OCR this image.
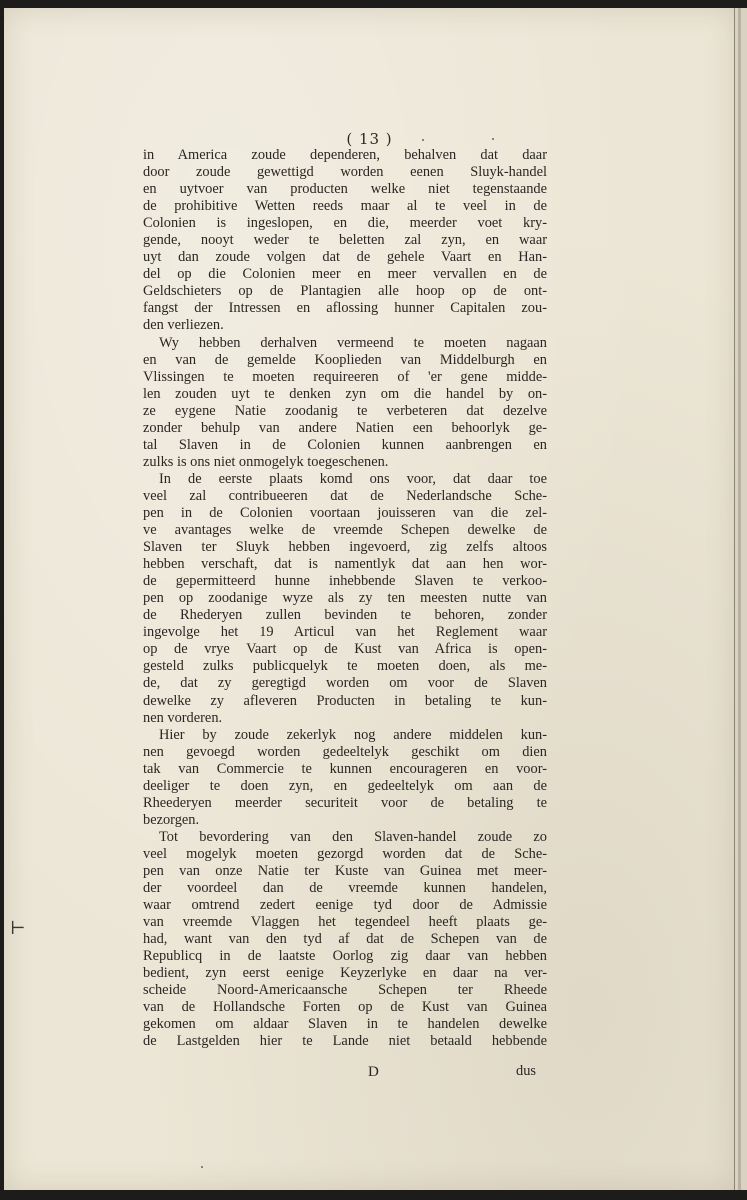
( 13 )
in America zoude dependeren, behalven dat daar
door zoude gewettigd worden eenen Sluyk-handel
en uytvoer van producten welke niet tegenstaande
de prohibitive Wetten reeds maar al te veel in de
Colonien is ingeslopen, en die, meerder voet kry-
gende, nooyt weder te beletten zal zyn, en waar
uyt dan zoude volgen dat de gehele Vaart en Han-
del op die Colonien meer en meer vervallen en de
Geldschieters op de Plantagien alle hoop op de ont-
fangst der Intressen en aflossing hunner Capitalen zou-
den verliezen.
Wy hebben derhalven vermeend te moeten nagaan
en van de gemelde Kooplieden van Middelburgh en
Vlissingen te moeten requireeren of 'er gene midde-
len zouden uyt te denken zyn om die handel by on-
ze eygene Natie zoodanig te verbeteren dat dezelve
zonder behulp van andere Natien een behoorlyk ge-
tal Slaven in de Colonien kunnen aanbrengen en
zulks is ons niet onmogelyk toegeschenen.
In de eerste plaats komd ons voor, dat daar toe
veel zal contribueeren dat de Nederlandsche Sche-
pen in de Colonien voortaan jouisseren van die zel-
ve avantages welke de vreemde Schepen dewelke de
Slaven ter Sluyk hebben ingevoerd, zig zelfs altoos
hebben verschaft, dat is namentlyk dat aan hen wor-
de gepermitteerd hunne inhebbende Slaven te verkoo-
pen op zoodanige wyze als zy ten meesten nutte van
de Rhederyen zullen bevinden te behoren, zonder
ingevolge het 19 Articul van het Reglement waar
op de vrye Vaart op de Kust van Africa is open-
gesteld zulks publicquelyk te moeten doen, als me-
de, dat zy geregtigd worden om voor de Slaven
dewelke zy afleveren Producten in betaling te kun-
nen vorderen.
Hier by zoude zekerlyk nog andere middelen kun-
nen gevoegd worden gedeeltelyk geschikt om dien
tak van Commercie te kunnen encourageren en voor-
deeliger te doen zyn, en gedeeltelyk om aan de
Rheederyen meerder securiteit voor de betaling te
bezorgen.
Tot bevordering van den Slaven-handel zoude zo
veel mogelyk moeten gezorgd worden dat de Sche-
pen van onze Natie ter Kuste van Guinea met meer-
der voordeel dan de vreemde kunnen handelen,
waar omtrend zedert eenige tyd door de Admissie
van vreemde Vlaggen het tegendeel heeft plaats ge-
had, want van den tyd af dat de Schepen van de
Republicq in de laatste Oorlog zig daar van hebben
bedient, zyn eerst eenige Keyzerlyke en daar na ver-
scheide Noord-Americaansche Schepen ter Rheede
van de Hollandsche Forten op de Kust van Guinea
gekomen om aldaar Slaven in te handelen dewelke
de Lastgelden hier te Lande niet betaald hebbende
D	dus
⊢
